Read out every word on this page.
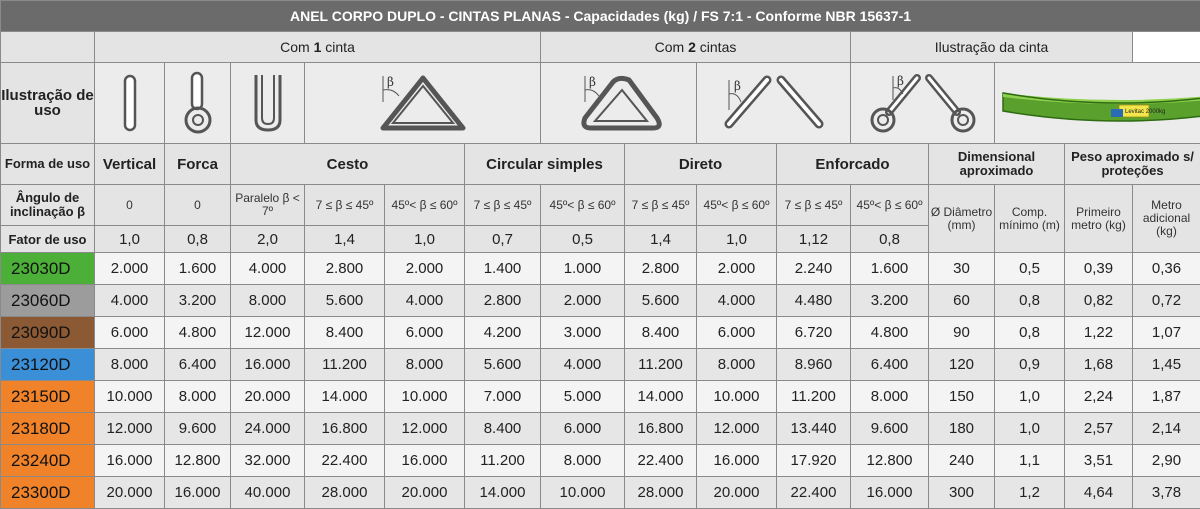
ANEL CORPO DUPLO - CINTAS PLANAS - Capacidades (kg) / FS 7:1 - Conforme NBR 15637-1															
	Com 1 cinta						Com 2 cintas				Ilustração da cinta				
Ilustração de uso				β			β		β		β		Levitac 2000kg		

Forma de uso	Vertical	Forca	Cesto			Circular simples		Direto		Enforcado		Dimensional aproximado		Peso aproximado s/ proteções	
Ângulo de inclinação β	0	0	Paralelo β < 7º	7 ≤ β ≤ 45º	45º< β ≤ 60º	7 ≤ β ≤ 45º	45º< β ≤ 60º	7 ≤ β ≤ 45º	45º< β ≤ 60º	7 ≤ β ≤ 45º	45º< β ≤ 60º	Ø Diâmetro (mm)	Comp. mínimo (m)	Primeiro metro (kg)	Metro adicional (kg)
Fator de uso	1,0	0,8	2,0	1,4	1,0	0,7	0,5	1,4	1,0	1,12	0,8				
23030D	2.000	1.600	4.000	2.800	2.000	1.400	1.000	2.800	2.000	2.240	1.600	30	0,5	0,39	0,36
23060D	4.000	3.200	8.000	5.600	4.000	2.800	2.000	5.600	4.000	4.480	3.200	60	0,8	0,82	0,72
23090D	6.000	4.800	12.000	8.400	6.000	4.200	3.000	8.400	6.000	6.720	4.800	90	0,8	1,22	1,07
23120D	8.000	6.400	16.000	11.200	8.000	5.600	4.000	11.200	8.000	8.960	6.400	120	0,9	1,68	1,45
23150D	10.000	8.000	20.000	14.000	10.000	7.000	5.000	14.000	10.000	11.200	8.000	150	1,0	2,24	1,87
23180D	12.000	9.600	24.000	16.800	12.000	8.400	6.000	16.800	12.000	13.440	9.600	180	1,0	2,57	2,14
23240D	16.000	12.800	32.000	22.400	16.000	11.200	8.000	22.400	16.000	17.920	12.800	240	1,1	3,51	2,90
23300D	20.000	16.000	40.000	28.000	20.000	14.000	10.000	28.000	20.000	22.400	16.000	300	1,2	4,64	3,78
